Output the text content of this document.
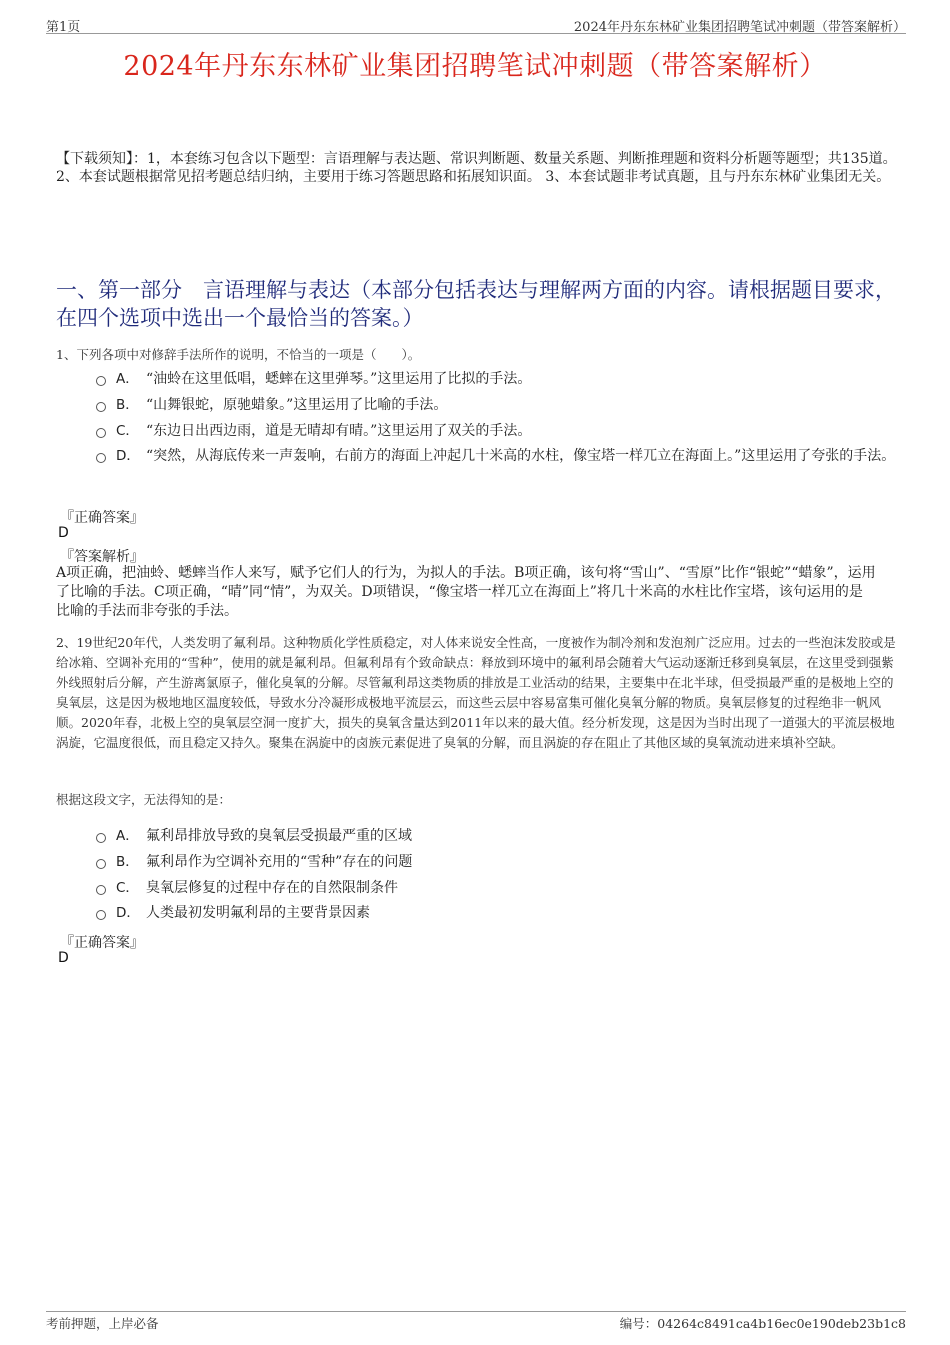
第1页	2024年丹东东林矿业集团招聘笔试冲刺题（带答案解析）
2024年丹东东林矿业集团招聘笔试冲刺题（带答案解析）
【下载须知】：1，本套练习包含以下题型：言语理解与表达题、常识判断题、数量关系题、判断推理题和资料分析题等题型；共135道。 2、本套试题根据常见招考题总结归纳，主要用于练习答题思路和拓展知识面。 3、本套试题非考试真题，且与丹东东林矿业集团无关。
一、第一部分　言语理解与表达（本部分包括表达与理解两方面的内容。请根据题目要求，在四个选项中选出一个最恰当的答案。）
1、下列各项中对修辞手法所作的说明，不恰当的一项是（　　）。
A． “油蛉在这里低唱，蟋蟀在这里弹琴。”这里运用了比拟的手法。
B． “山舞银蛇，原驰蜡象。”这里运用了比喻的手法。
C． “东边日出西边雨，道是无晴却有晴。”这里运用了双关的手法。
D． “突然，从海底传来一声轰响，右前方的海面上冲起几十米高的水柱，像宝塔一样兀立在海面上。”这里运用了夸张的手法。
『正确答案』
D
『答案解析』
A项正确，把油蛉、蟋蟀当作人来写，赋予它们人的行为，为拟人的手法。B项正确，该句将“雪山”、“雪原”比作“银蛇”“蜡象”，运用了比喻的手法。C项正确，“晴”同“情”，为双关。D项错误，“像宝塔一样兀立在海面上”将几十米高的水柱比作宝塔，该句运用的是比喻的手法而非夸张的手法。
2、19世纪20年代，人类发明了氟利昂。这种物质化学性质稳定，对人体来说安全性高，一度被作为制冷剂和发泡剂广泛应用。过去的一些泡沫发胶或是给冰箱、空调补充用的“雪种”，使用的就是氟利昂。但氟利昂有个致命缺点：释放到环境中的氟利昂会随着大气运动逐渐迁移到臭氧层，在这里受到强紫外线照射后分解，产生游离氯原子，催化臭氧的分解。尽管氟利昂这类物质的排放是工业活动的结果，主要集中在北半球，但受损最严重的是极地上空的臭氧层，这是因为极地地区温度较低，导致水分冷凝形成极地平流层云，而这些云层中容易富集可催化臭氧分解的物质。臭氧层修复的过程绝非一帆风顺。2020年春，北极上空的臭氧层空洞一度扩大，损失的臭氧含量达到2011年以来的最大值。经分析发现，这是因为当时出现了一道强大的平流层极地涡旋，它温度很低，而且稳定又持久。聚集在涡旋中的卤族元素促进了臭氧的分解，而且涡旋的存在阻止了其他区域的臭氧流动进来填补空缺。
根据这段文字，无法得知的是：
A． 氟利昂排放导致的臭氧层受损最严重的区域
B． 氟利昂作为空调补充用的“雪种”存在的问题
C． 臭氧层修复的过程中存在的自然限制条件
D． 人类最初发明氟利昂的主要背景因素
『正确答案』
D
考前押题，上岸必备	编号：04264c8491ca4b16ec0e190deb23b1c8
